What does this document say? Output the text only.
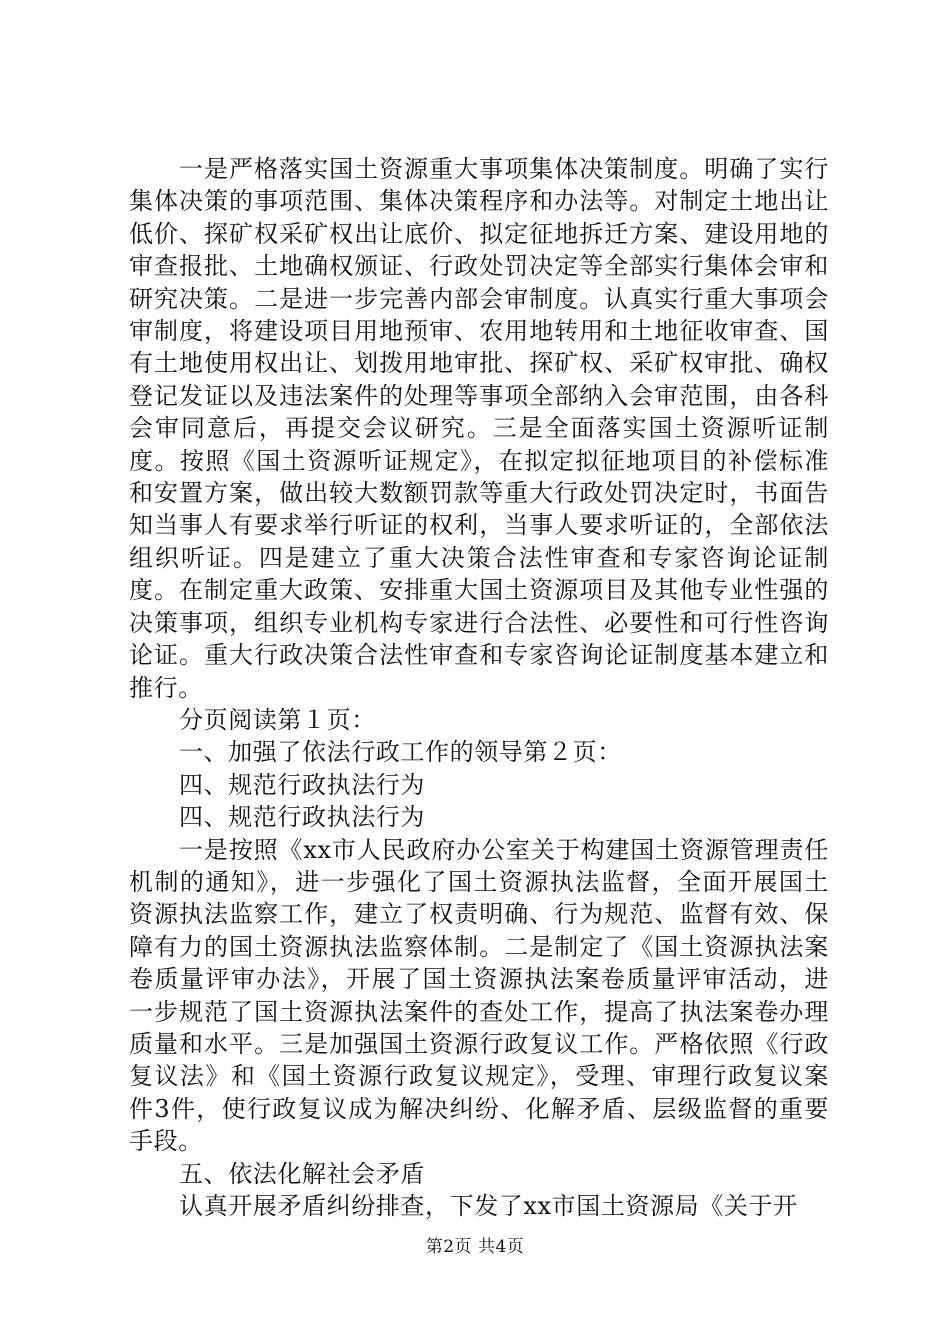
一是严格落实国土资源重大事项集体决策制度。明确了实行集体决策的事项范围、集体决策程序和办法等。对制定土地出让低价、探矿权采矿权出让底价、拟定征地拆迁方案、建设用地的审查报批、土地确权颁证、行政处罚决定等全部实行集体会审和研究决策。二是进一步完善内部会审制度。认真实行重大事项会审制度，将建设项目用地预审、农用地转用和土地征收审查、国有土地使用权出让、划拨用地审批、探矿权、采矿权审批、确权登记发证以及违法案件的处理等事项全部纳入会审范围，由各科会审同意后，再提交会议研究。三是全面落实国土资源听证制度。按照《国土资源听证规定》，在拟定拟征地项目的补偿标准和安置方案，做出较大数额罚款等重大行政处罚决定时，书面告知当事人有要求举行听证的权利，当事人要求听证的，全部依法组织听证。四是建立了重大决策合法性审查和专家咨询论证制度。在制定重大政策、安排重大国土资源项目及其他专业性强的决策事项，组织专业机构专家进行合法性、必要性和可行性咨询论证。重大行政决策合法性审查和专家咨询论证制度基本建立和推行。

分页阅读第１页：

一、加强了依法行政工作的领导第２页：

四、规范行政执法行为

四、规范行政执法行为

一是按照《xx市人民政府办公室关于构建国土资源管理责任机制的通知》，进一步强化了国土资源执法监督，全面开展国土资源执法监察工作，建立了权责明确、行为规范、监督有效、保障有力的国土资源执法监察体制。二是制定了《国土资源执法案卷质量评审办法》，开展了国土资源执法案卷质量评审活动，进一步规范了国土资源执法案件的查处工作，提高了执法案卷办理质量和水平。三是加强国土资源行政复议工作。严格依照《行政复议法》和《国土资源行政复议规定》，受理、审理行政复议案件3件，使行政复议成为解决纠纷、化解矛盾、层级监督的重要手段。

五、依法化解社会矛盾

认真开展矛盾纠纷排查，下发了xx市国土资源局《关于开

第2页 共4页
